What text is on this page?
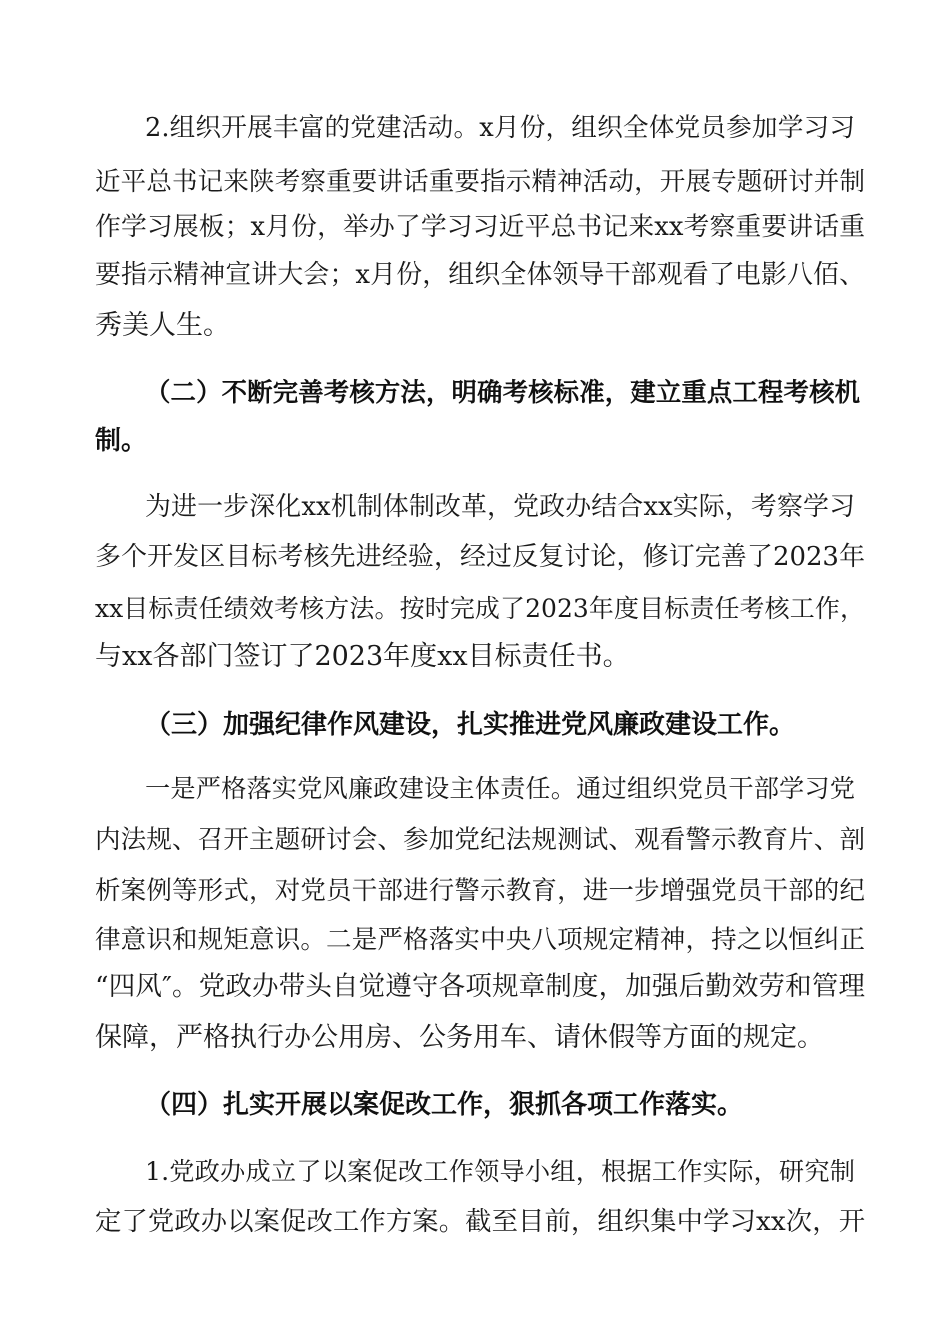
2.组织开展丰富的党建活动。x月份，组织全体党员参加学习习
近平总书记来陕考察重要讲话重要指示精神活动，开展专题研讨并制
作学习展板；x月份，举办了学习习近平总书记来xx考察重要讲话重
要指示精神宣讲大会；x月份，组织全体领导干部观看了电影八佰、
秀美人生。
（二）不断完善考核方法，明确考核标准，建立重点工程考核机
制。
为进一步深化xx机制体制改革，党政办结合xx实际，考察学习
多个开发区目标考核先进经验，经过反复讨论，修订完善了2023年
xx目标责任绩效考核方法。按时完成了2023年度目标责任考核工作，
与xx各部门签订了2023年度xx目标责任书。
（三）加强纪律作风建设，扎实推进党风廉政建设工作。
一是严格落实党风廉政建设主体责任。通过组织党员干部学习党
内法规、召开主题研讨会、参加党纪法规测试、观看警示教育片、剖
析案例等形式，对党员干部进行警示教育，进一步增强党员干部的纪
律意识和规矩意识。二是严格落实中央八项规定精神，持之以恒纠正
“四风″。党政办带头自觉遵守各项规章制度，加强后勤效劳和管理
保障，严格执行办公用房、公务用车、请休假等方面的规定。
（四）扎实开展以案促改工作，狠抓各项工作落实。
1.党政办成立了以案促改工作领导小组，根据工作实际，研究制
定了党政办以案促改工作方案。截至目前，组织集中学习xx次，开
